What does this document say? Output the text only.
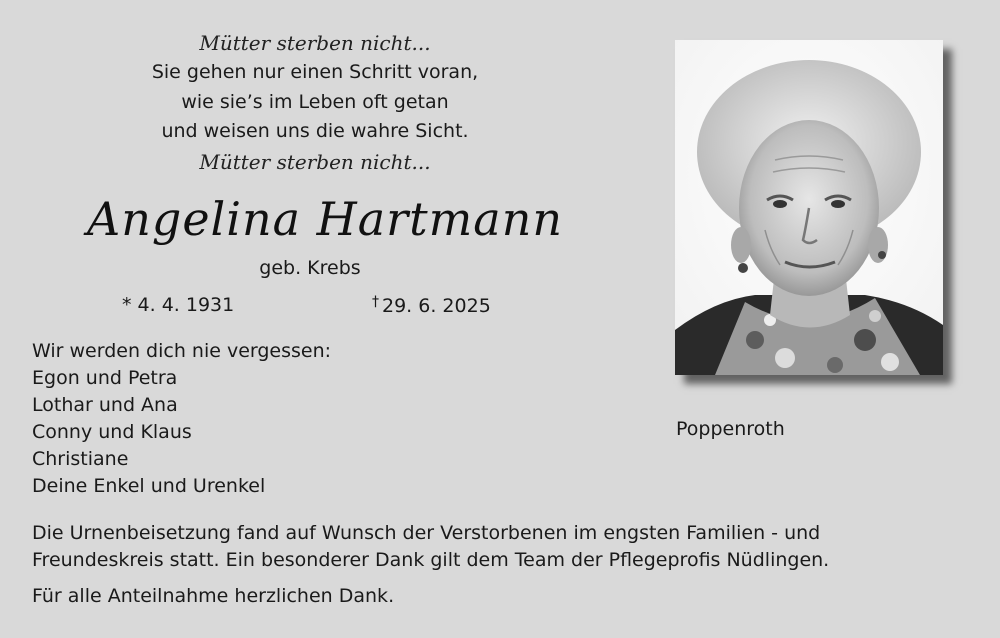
Mütter sterben nicht...
Sie gehen nur einen Schritt voran,
wie sie’s im Leben oft getan
und weisen uns die wahre Sicht.
Mütter sterben nicht...
Angelina Hartmann
geb. Krebs
* 4. 4. 1931	† 29. 6. 2025
Wir werden dich nie vergessen:
Egon und Petra
Lothar und Ana
Conny und Klaus
Christiane
Deine Enkel und Urenkel
Poppenroth

Die Urnenbeisetzung fand auf Wunsch der Verstorbenen im engsten Familien - und Freundeskreis statt. Ein besonderer Dank gilt dem Team der Pflegeprofis Nüdlingen.

Für alle Anteilnahme herzlichen Dank.
